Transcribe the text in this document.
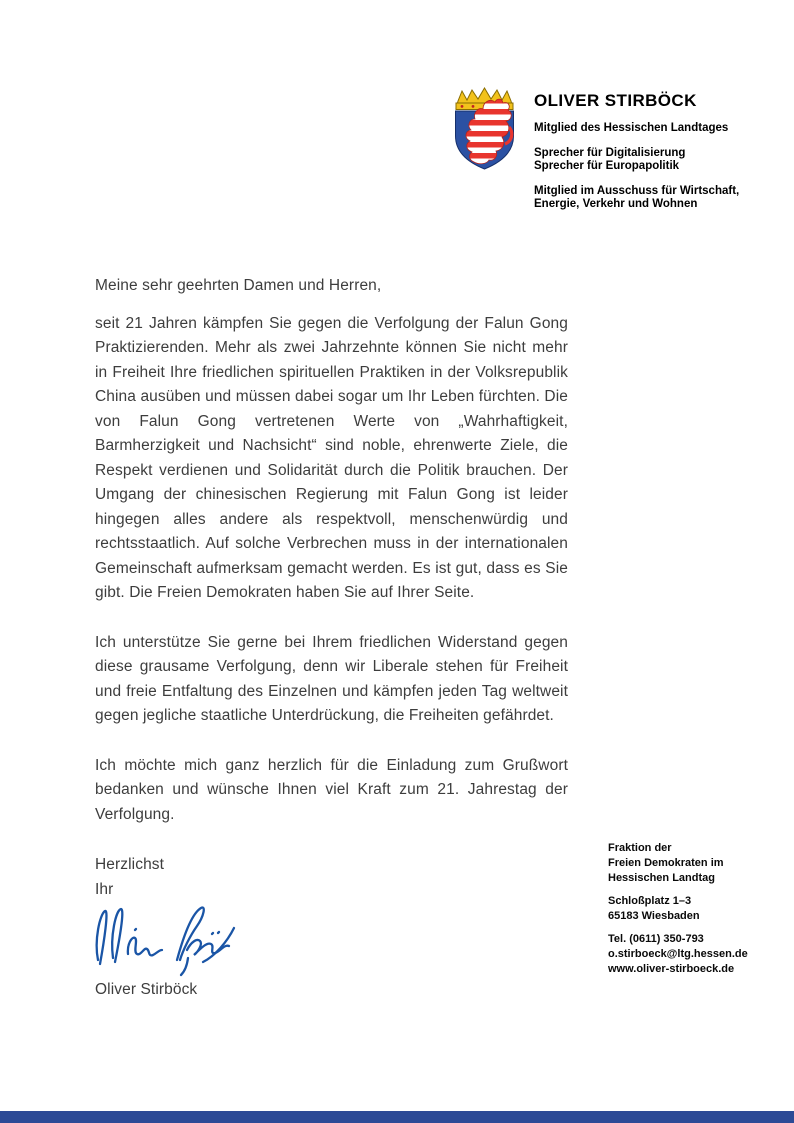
OLIVER STIRBÖCK
Mitglied des Hessischen Landtages
Sprecher für Digitalisierung
Sprecher für Europapolitik
Mitglied im Ausschuss für Wirtschaft,
Energie, Verkehr und Wohnen

Meine sehr geehrten Damen und Herren,

seit 21 Jahren kämpfen Sie gegen die Verfolgung der Falun Gong Praktizierenden. Mehr als zwei Jahrzehnte können Sie nicht mehr in Freiheit Ihre friedlichen spirituellen Praktiken in der Volksrepublik China ausüben und müssen dabei sogar um Ihr Leben fürchten. Die von Falun Gong vertretenen Werte von „Wahrhaftigkeit, Barmherzigkeit und Nachsicht“ sind noble, ehrenwerte Ziele, die Respekt verdienen und Solidarität durch die Politik brauchen. Der Umgang der chinesischen Regierung mit Falun Gong ist leider hingegen alles andere als respektvoll, menschenwürdig und rechtsstaatlich. Auf solche Verbrechen muss in der internationalen Gemeinschaft aufmerksam gemacht werden. Es ist gut, dass es Sie gibt. Die Freien Demokraten haben Sie auf Ihrer Seite.

Ich unterstütze Sie gerne bei Ihrem friedlichen Widerstand gegen diese grausame Verfolgung, denn wir Liberale stehen für Freiheit und freie Entfaltung des Einzelnen und kämpfen jeden Tag weltweit gegen jegliche staatliche Unterdrückung, die Freiheiten gefährdet.

Ich möchte mich ganz herzlich für die Einladung zum Grußwort bedanken und wünsche Ihnen viel Kraft zum 21. Jahrestag der Verfolgung.

Herzlichst
Ihr
Oliver Stirböck
Fraktion der
Freien Demokraten im
Hessischen Landtag
Schloßplatz 1–3
65183 Wiesbaden
Tel. (0611) 350-793
o.stirboeck@ltg.hessen.de
www.oliver-stirboeck.de
